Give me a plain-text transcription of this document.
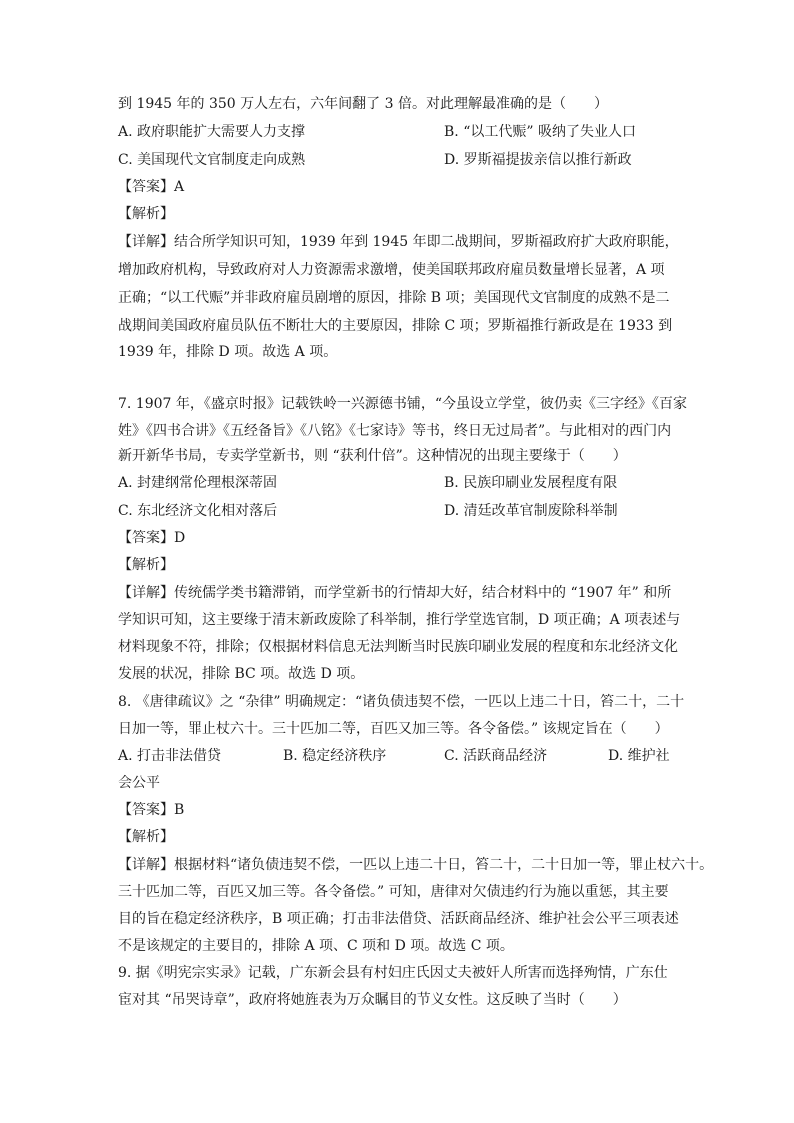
到 1945 年的 350 万人左右，六年间翻了 3 倍。对此理解最准确的是（　　）
A. 政府职能扩大需要人力支撑	B. “以工代赈” 吸纳了失业人口
C. 美国现代文官制度走向成熟	D. 罗斯福提拔亲信以推行新政
【答案】A
【解析】
【详解】结合所学知识可知，1939 年到 1945 年即二战期间，罗斯福政府扩大政府职能，
增加政府机构，导致政府对人力资源需求激增，使美国联邦政府雇员数量增长显著，A 项
正确；“以工代赈”并非政府雇员剧增的原因，排除 B 项；美国现代文官制度的成熟不是二
战期间美国政府雇员队伍不断壮大的主要原因，排除 C 项；罗斯福推行新政是在 1933 到
1939 年，排除 D 项。故选 A 项。
7. 1907 年，《盛京时报》记载铁岭一兴源德书铺，“今虽设立学堂，彼仍卖《三字经》《百家
姓》《四书合讲》《五经备旨》《八铭》《七家诗》等书，终日无过局者”。与此相对的西门内
新开新华书局，专卖学堂新书，则 “获利什倍”。这种情况的出现主要缘于（　　）
A. 封建纲常伦理根深蒂固	B. 民族印刷业发展程度有限
C. 东北经济文化相对落后	D. 清廷改革官制废除科举制
【答案】D
【解析】
【详解】传统儒学类书籍滞销，而学堂新书的行情却大好，结合材料中的 “1907 年” 和所
学知识可知，这主要缘于清末新政废除了科举制，推行学堂选官制，D 项正确；A 项表述与
材料现象不符，排除；仅根据材料信息无法判断当时民族印刷业发展的程度和东北经济文化
发展的状况，排除 BC 项。故选 D 项。
8. 《唐律疏议》之 “杂律” 明确规定：“诸负债违契不偿，一匹以上违二十日，笞二十，二十
日加一等，罪止杖六十。三十匹加二等，百匹又加三等。各令备偿。” 该规定旨在（　　）
A. 打击非法借贷	B. 稳定经济秩序	C. 活跃商品经济	D. 维护社
会公平
【答案】B
【解析】
【详解】根据材料“诸负债违契不偿，一匹以上违二十日，笞二十，二十日加一等，罪止杖六十。
三十匹加二等，百匹又加三等。各令备偿。” 可知，唐律对欠债违约行为施以重惩，其主要
目的旨在稳定经济秩序，B 项正确；打击非法借贷、活跃商品经济、维护社会公平三项表述
不是该规定的主要目的，排除 A 项、C 项和 D 项。故选 C 项。
9. 据《明宪宗实录》记载，广东新会县有村妇庄氏因丈夫被奸人所害而选择殉情，广东仕
宦对其 “吊哭诗章”，政府将她旌表为万众瞩目的节义女性。这反映了当时（　　）
